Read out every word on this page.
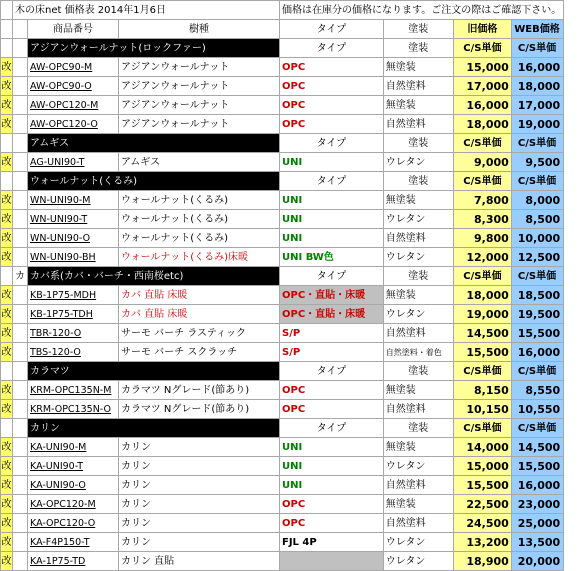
	木の床net 価格表 2014年1月6日			価格は在庫分の価格になります。ご注文の際はご確認下さい。			
		商品番号	樹種	タイプ	塗装	旧価格	WEB価格
		アジアンウォールナット(ロックファー)		タイプ	塗装	C/S単価	C/S単価
改		AW-OPC90-M	アジアンウォールナット	OPC	無塗装	15,000	16,000
改		AW-OPC90-O	アジアンウォールナット	OPC	自然塗料	17,000	18,000
改		AW-OPC120-M	アジアンウォールナット	OPC	無塗装	16,000	17,000
改		AW-OPC120-O	アジアンウォールナット	OPC	自然塗料	18,000	19,000
		アムギス		タイプ	塗装	C/S単価	C/S単価
改		AG-UNI90-T	アムギス	UNI	ウレタン	9,000	9,500
		ウォールナット(くるみ)		タイプ	塗装	C/S単価	C/S単価
改		WN-UNI90-M	ウォールナット(くるみ)	UNI	無塗装	7,800	8,000
改		WN-UNI90-T	ウォールナット(くるみ)	UNI	ウレタン	8,300	8,500
改		WN-UNI90-O	ウォールナット(くるみ)	UNI	自然塗料	9,800	10,000
改		WN-UNI90-BH	ウォールナット(くるみ)床暖	UNI BW色	ウレタン	12,000	12,500
	カ	カバ系(カバ・バーチ・西南桜etc)		タイプ	塗装	C/S単価	C/S単価
改		KB-1P75-MDH	カバ 直貼 床暖	OPC・直貼・床暖	無塗装	18,000	18,500
改		KB-1P75-TDH	カバ 直貼 床暖	OPC・直貼・床暖	ウレタン	19,000	19,500
改		TBR-120-O	サーモ バーチ ラスティック	S/P	自然塗料	14,500	15,500
改		TBS-120-O	サーモ バーチ スクラッチ	S/P	自然塗料・着色	15,500	16,000
		カラマツ		タイプ	塗装	C/S単価	C/S単価
改		KRM-OPC135N-M	カラマツ Nグレード(節あり)	OPC	無塗装	8,150	8,550
改		KRM-OPC135N-O	カラマツ Nグレード(節あり)	OPC	自然塗料	10,150	10,550
		カリン		タイプ	塗装	C/S単価	C/S単価
改		KA-UNI90-M	カリン	UNI	無塗装	14,000	14,500
改		KA-UNI90-T	カリン	UNI	ウレタン	15,000	15,500
改		KA-UNI90-O	カリン	UNI	自然塗料	15,500	16,000
改		KA-OPC120-M	カリン	OPC	無塗装	22,500	23,000
改		KA-OPC120-O	カリン	OPC	自然塗料	24,500	25,000
改		KA-F4P150-T	カリン	FJL 4P	ウレタン	13,200	13,500
改		KA-1P75-TD	カリン 直貼		ウレタン	18,900	20,000
